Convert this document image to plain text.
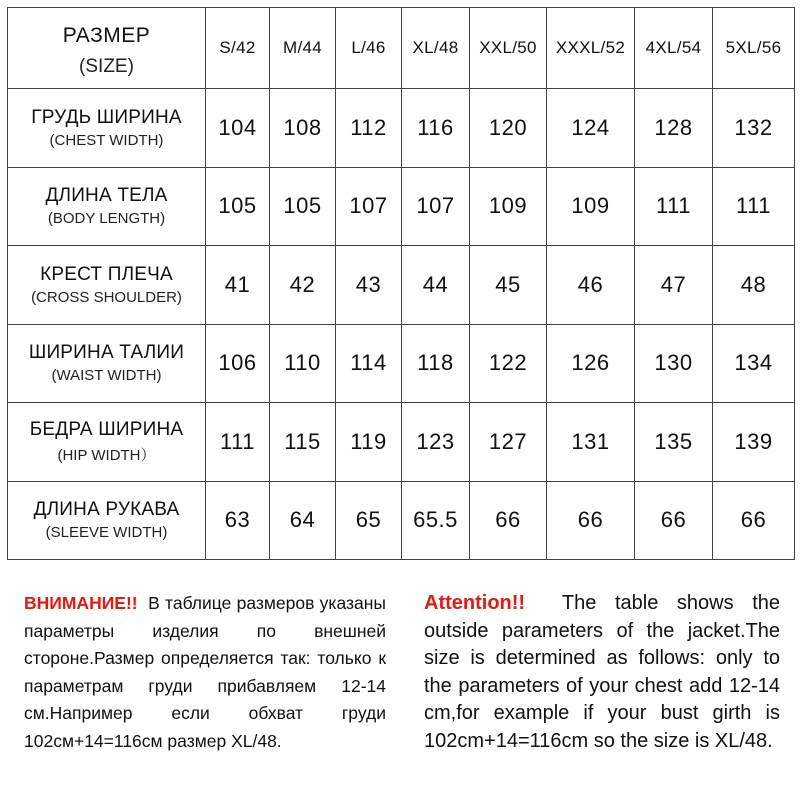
РАЗМЕР
(SIZE)	S/42	M/44	L/46	XL/48	XXL/50	XXXL/52	4XL/54	5XL/56

ГРУДЬ ШИРИНА
(CHEST WIDTH)	104	108	112	116	120	124	128	132

ДЛИНА ТЕЛА
(BODY LENGTH)	105	105	107	107	109	109	111	111

КРЕСТ ПЛЕЧА
(CROSS SHOULDER)	41	42	43	44	45	46	47	48

ШИРИНА ТАЛИИ
(WAIST WIDTH)	106	110	114	118	122	126	130	134

БЕДРА ШИРИНА
(HIP WIDTH）	111	115	119	123	127	131	135	139

ДЛИНА РУКАВА
(SLEEVE WIDTH)	63	64	65	65.5	66	66	66	66
ВНИМАНИЕ!! В таблице размеров указаны параметры изделия по внешней стороне.Размер определяется так: только к параметрам груди прибавляем 12-14 см.Например если обхват груди 102cм+14=116cм размер XL/48.
Attention!! The table shows the outside parameters of the jacket.The size is determined as follows: only to the parameters of your chest add 12-14 cm,for example if your bust girth is 102cm+14=116cm so the size is XL/48.
